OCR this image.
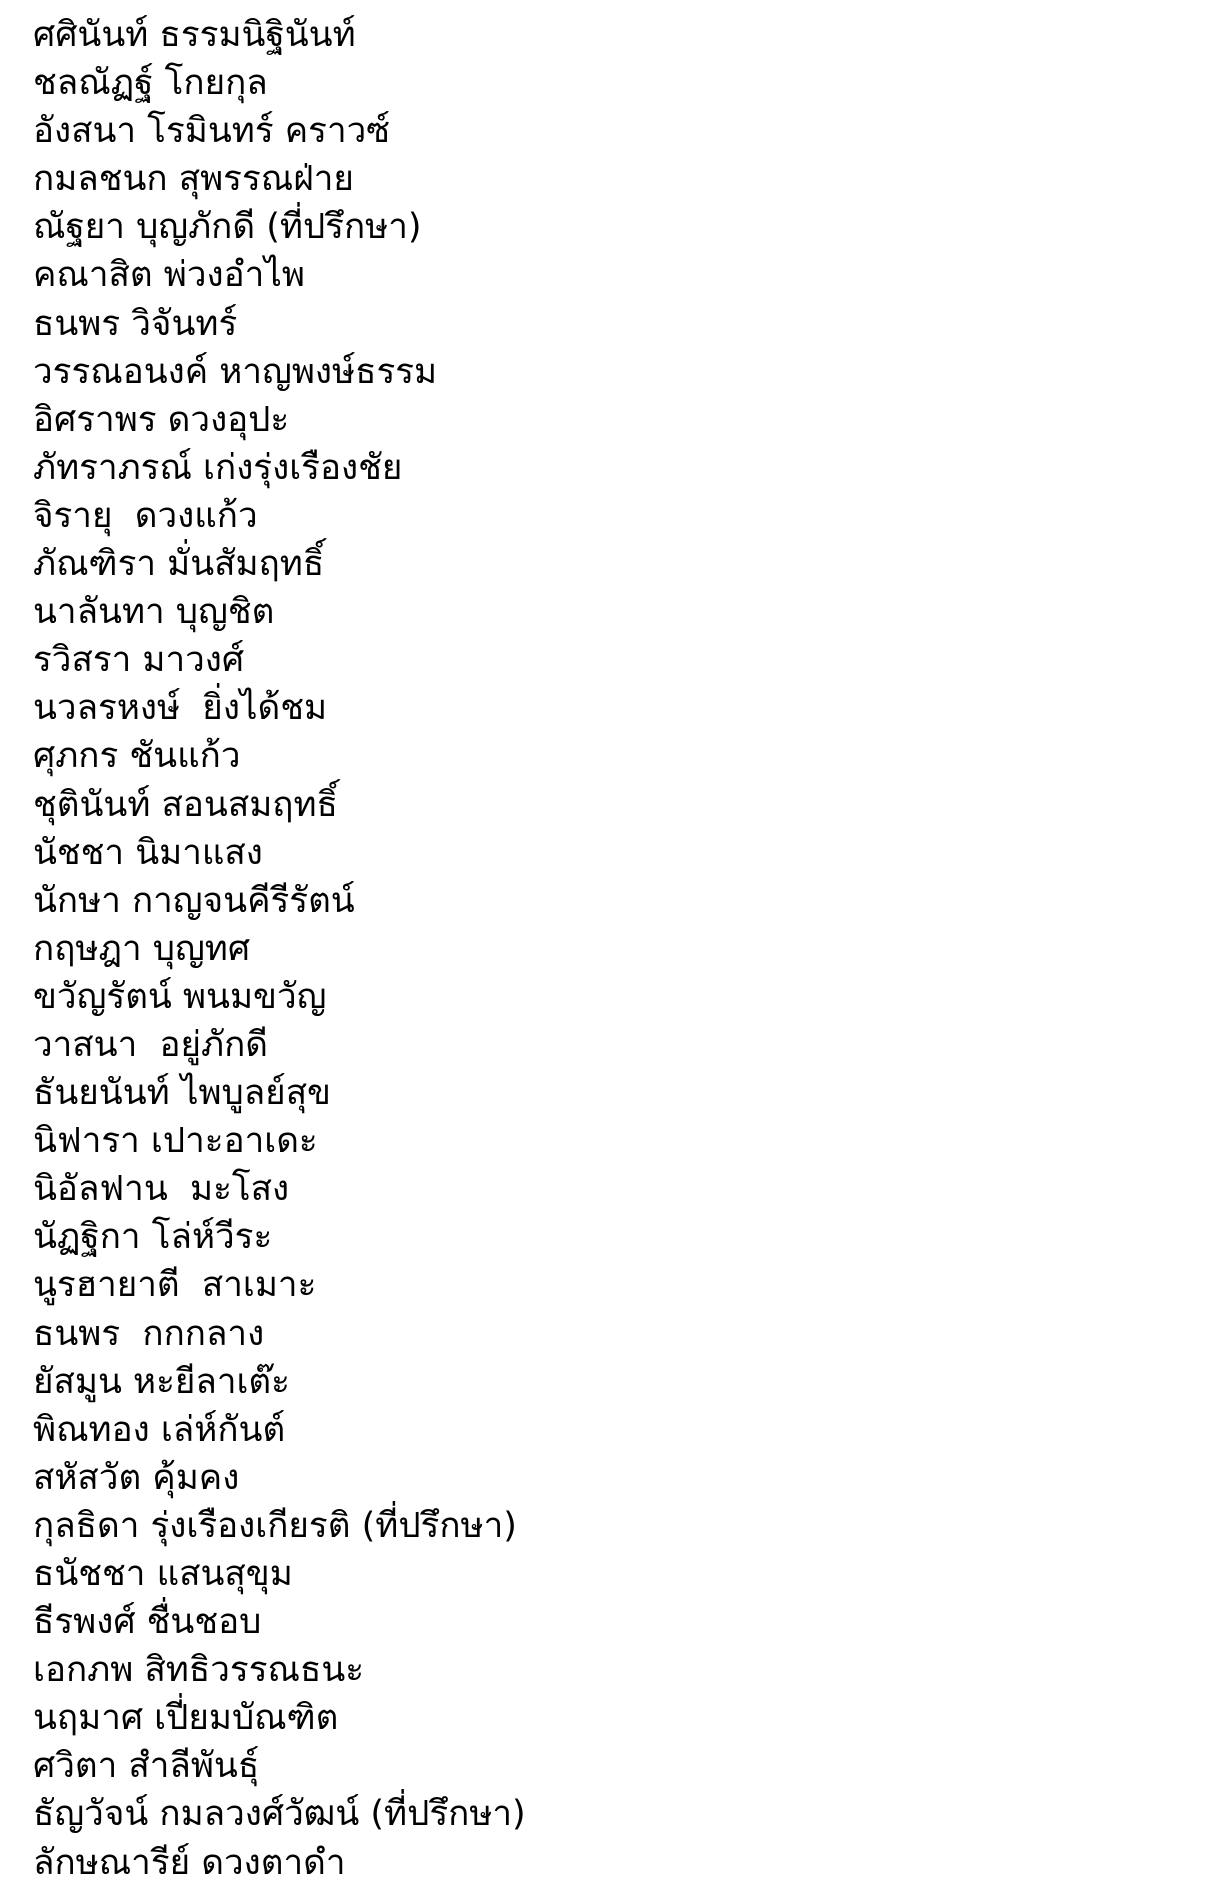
ศศินันท์ ธรรมนิฐินันท์
ชลณัฏฐ์ โกยกุล
อังสนา โรมินทร์ คราวซ์
กมลชนก สุพรรณฝ่าย
ณัฐยา บุญภักดี (ที่ปรึกษา)
คณาสิต พ่วงอำไพ
ธนพร วิจันทร์
วรรณอนงค์ หาญพงษ์ธรรม
อิศราพร ดวงอุปะ
ภัทราภรณ์ เก่งรุ่งเรืองชัย
จิรายุ  ดวงแก้ว
ภัณฑิรา มั่นสัมฤทธิ์
นาลันทา บุญชิต
รวิสรา มาวงศ์
นวลรหงษ์  ยิ่งได้ชม
ศุภกร ชันแก้ว
ชุตินันท์ สอนสมฤทธิ์
นัชชา นิมาแสง
นักษา กาญจนคีรีรัตน์
กฤษฎา บุญทศ
ขวัญรัตน์ พนมขวัญ
วาสนา  อยู่ภักดี
ธันยนันท์ ไพบูลย์สุข
นิฟารา เปาะอาเดะ
นิอัลฟาน  มะโสง
นัฏฐิกา โล่ห์วีระ
นูรฮายาตี  สาเมาะ
ธนพร  กกกลาง
ยัสมูน หะยีลาเต๊ะ
พิณทอง เล่ห์กันต์
สหัสวัต คุ้มคง
กุลธิดา รุ่งเรืองเกียรติ (ที่ปรึกษา)
ธนัชชา แสนสุขุม
ธีรพงศ์ ชื่นชอบ
เอกภพ สิทธิวรรณธนะ
นฤมาศ เปี่ยมบัณฑิต
ศวิตา สำลีพันธุ์
ธัญวัจน์ กมลวงศ์วัฒน์ (ที่ปรึกษา)
ลักษณารีย์ ดวงตาดำ
